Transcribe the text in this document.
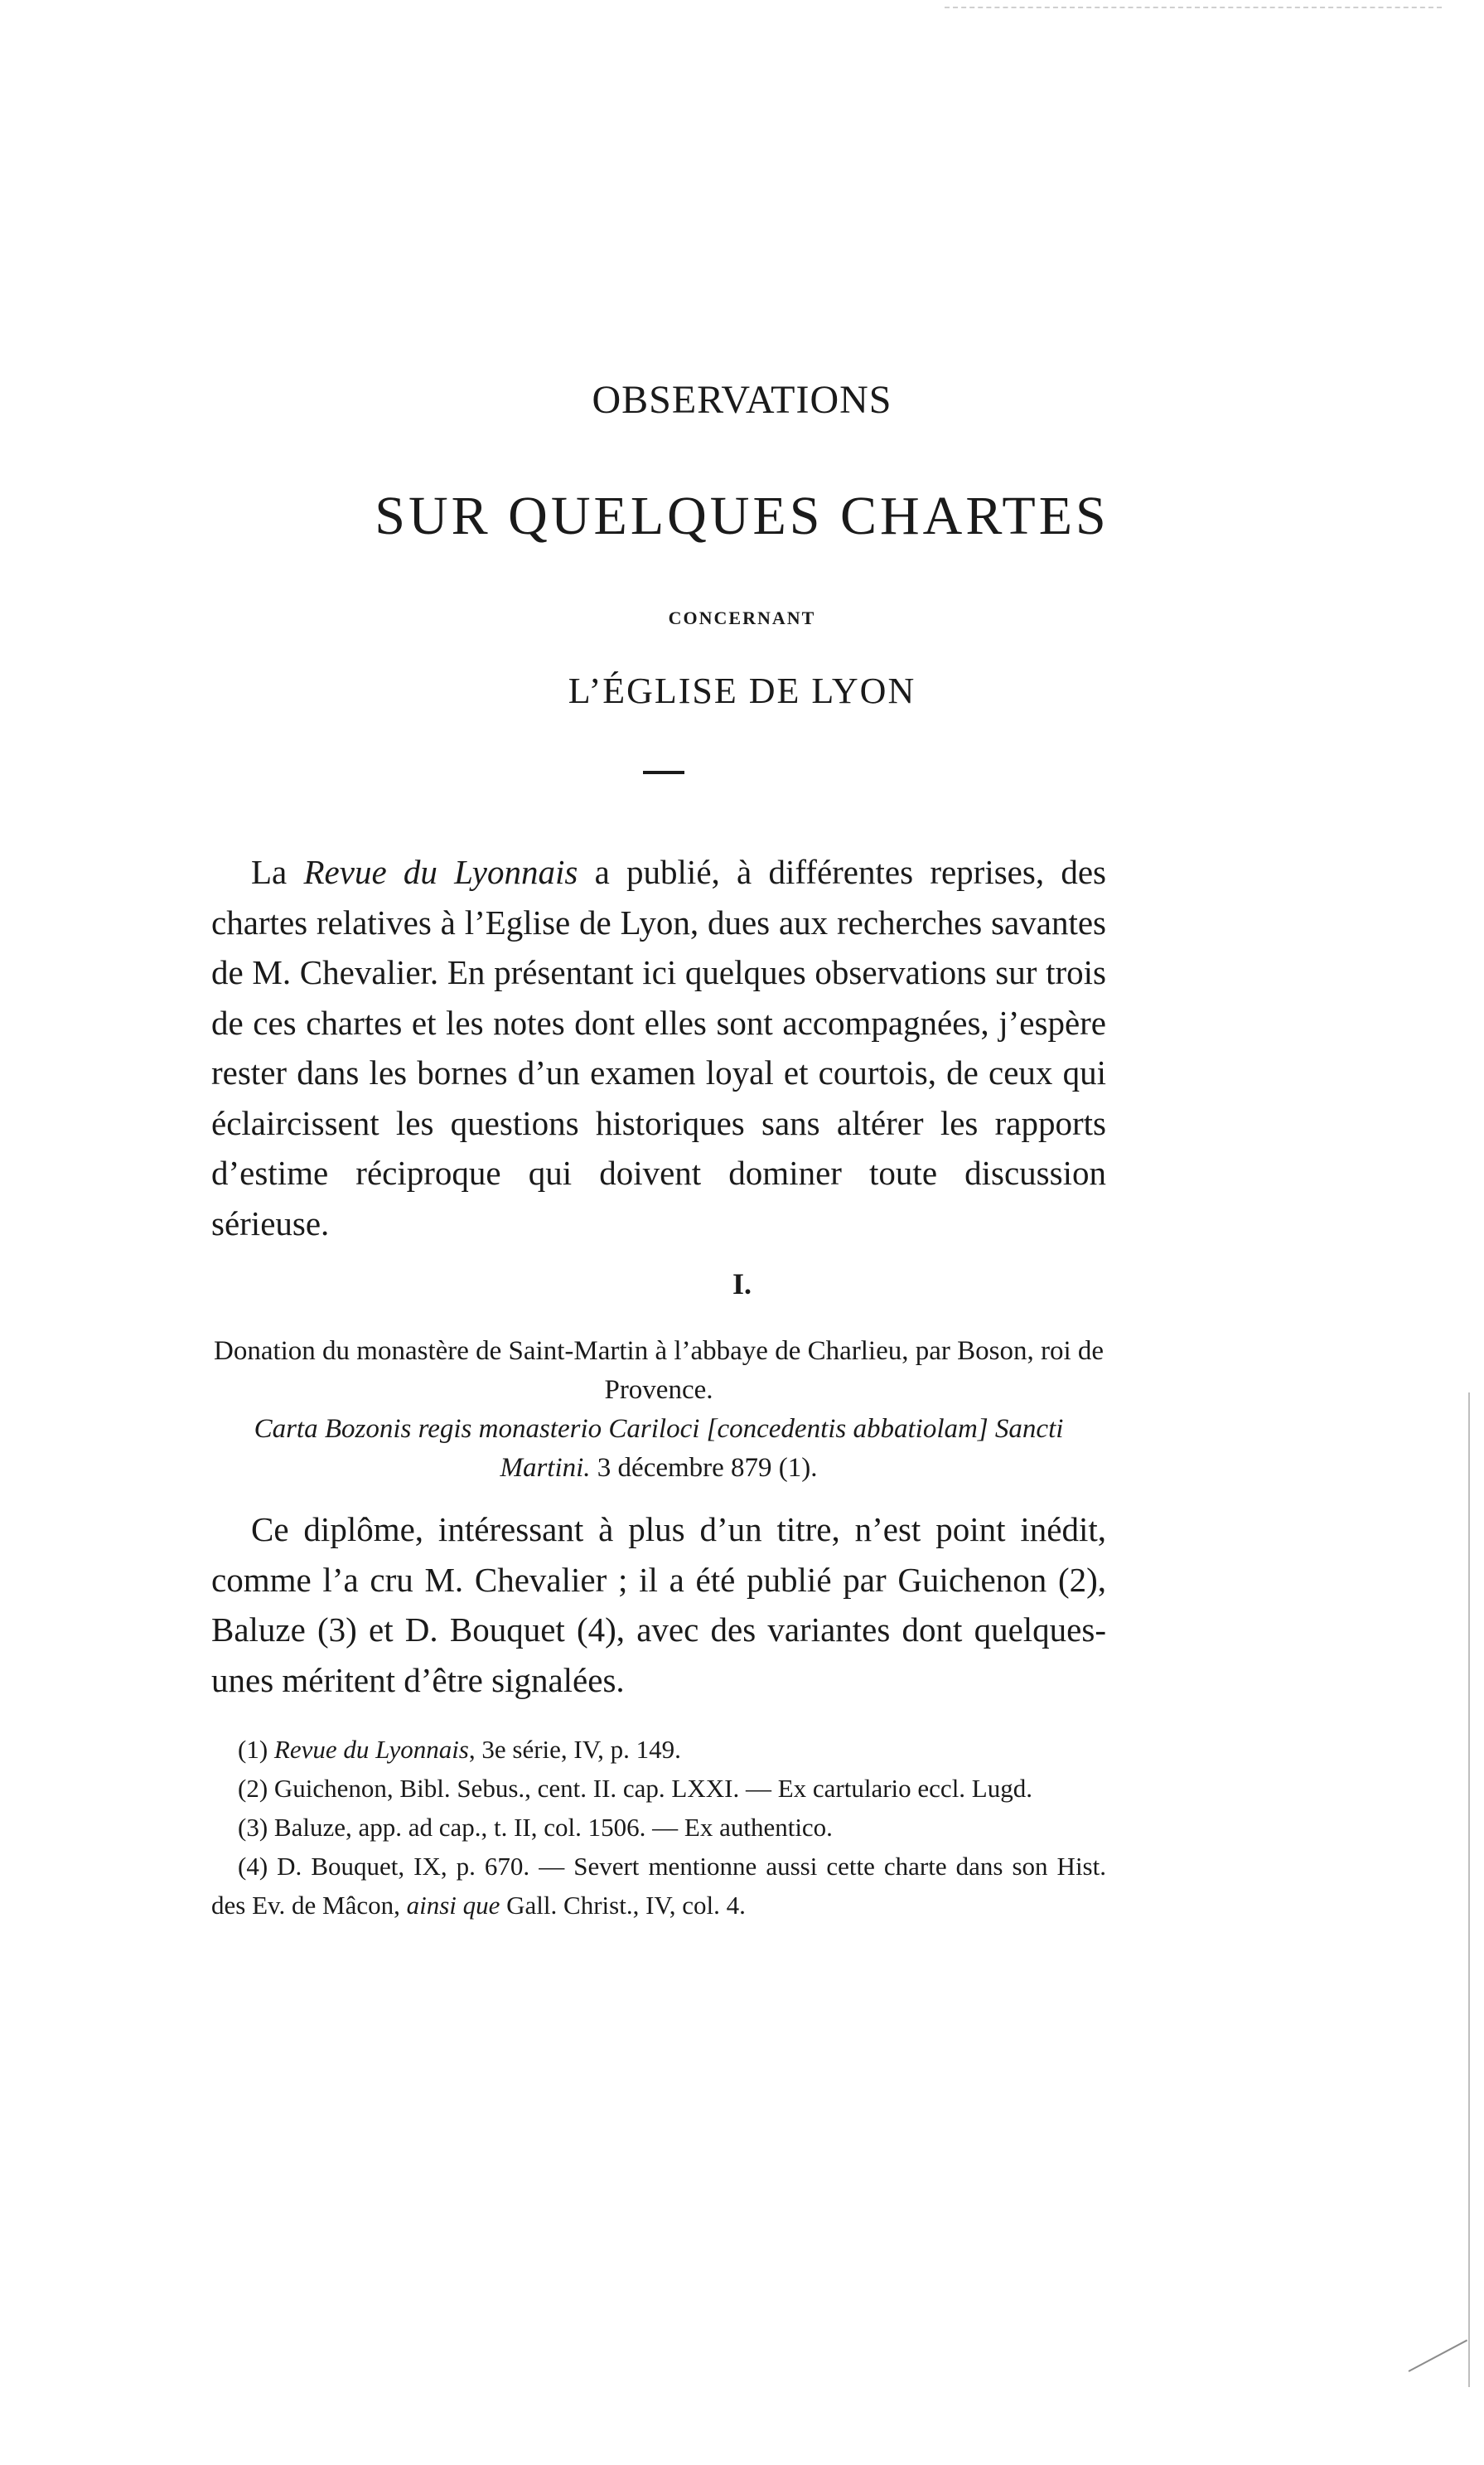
OBSERVATIONS
SUR QUELQUES CHARTES
CONCERNANT
L’ÉGLISE DE LYON
La Revue du Lyonnais a publié, à différentes reprises, des chartes relatives à l’Eglise de Lyon, dues aux recherches savantes de M. Chevalier. En présentant ici quelques observations sur trois de ces chartes et les notes dont elles sont accompagnées, j’espère rester dans les bornes d’un examen loyal et courtois, de ceux qui éclaircissent les questions historiques sans altérer les rapports d’estime réciproque qui doivent dominer toute discussion sérieuse.
I.
Donation du monastère de Saint-Martin à l’abbaye de Charlieu, par Boson, roi de Provence.
Carta Bozonis regis monasterio Cariloci [concedentis abbatiolam] Sancti Martini. 3 décembre 879 (1).
Ce diplôme, intéressant à plus d’un titre, n’est point inédit, comme l’a cru M. Chevalier ; il a été publié par Guichenon (2), Baluze (3) et D. Bouquet (4), avec des variantes dont quelques-unes méritent d’être signalées.
(1) Revue du Lyonnais, 3e série, IV, p. 149.
(2) Guichenon, Bibl. Sebus., cent. II. cap. LXXI. — Ex cartulario eccl. Lugd.
(3) Baluze, app. ad cap., t. II, col. 1506. — Ex authentico.
(4) D. Bouquet, IX, p. 670. — Severt mentionne aussi cette charte dans son Hist. des Ev. de Mâcon, ainsi que Gall. Christ., IV, col. 4.
